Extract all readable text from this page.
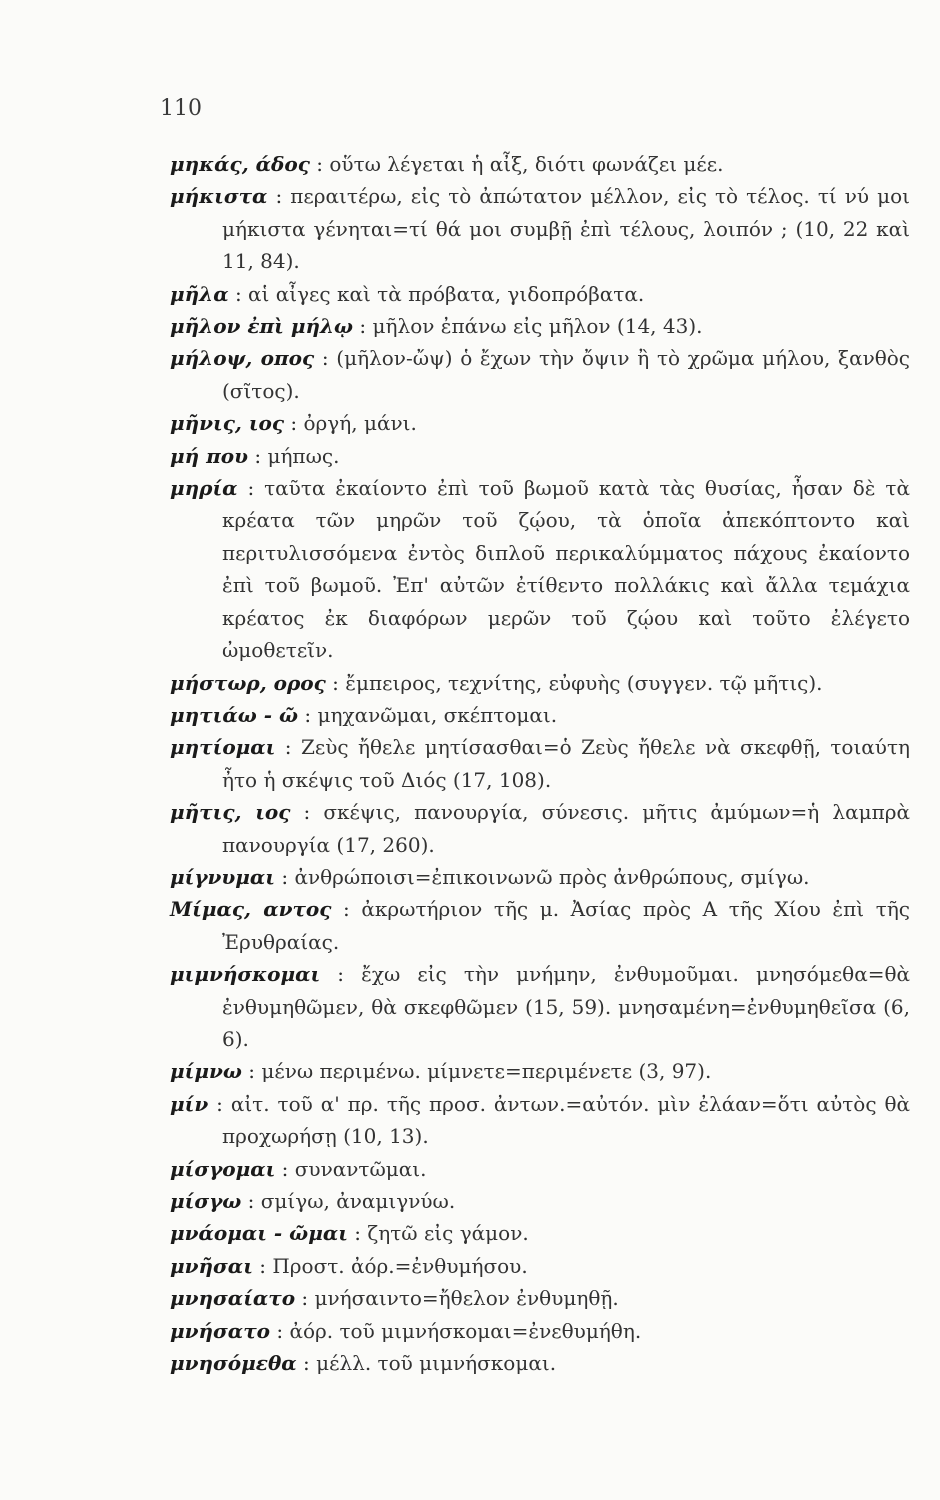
110

μηκάς, άδος : οὕτω λέγεται ἡ αἶξ, διότι φωνάζει μέε.

μήκιστα : περαιτέρω, εἰς τὸ ἀπώτατον μέλλον, εἰς τὸ τέλος. τί νύ μοι μήκιστα γένηται=τί θά μοι συμβῇ ἐπὶ τέλους, λοιπόν ; (10, 22 καὶ 11, 84).

μῆλα : αἱ αἶγες καὶ τὰ πρόβατα, γιδοπρόβατα.

μῆλον ἐπὶ μήλῳ : μῆλον ἐπάνω εἰς μῆλον (14, 43).

μήλοψ, οπος : (μῆλον-ὤψ) ὁ ἔχων τὴν ὄψιν ἢ τὸ χρῶμα μήλου, ξανθὸς (σῖτος).

μῆνις, ιος : ὀργή, μάνι.

μή που : μήπως.

μηρία : ταῦτα ἐκαίοντο ἐπὶ τοῦ βωμοῦ κατὰ τὰς θυσίας, ἦσαν δὲ τὰ κρέατα τῶν μηρῶν τοῦ ζῴου, τὰ ὁποῖα ἀπεκόπτοντο καὶ περιτυλισσόμενα ἐντὸς διπλοῦ περικαλύμματος πάχους ἐκαίοντο ἐπὶ τοῦ βωμοῦ. Ἐπ' αὐτῶν ἐτίθεντο πολλάκις καὶ ἄλλα τεμάχια κρέατος ἐκ διαφόρων μερῶν τοῦ ζῴου καὶ τοῦτο ἐλέγετο ὠμοθετεῖν.

μήστωρ, ορος : ἔμπειρος, τεχνίτης, εὐφυὴς (συγγεν. τῷ μῆτις).

μητιάω - ῶ : μηχανῶμαι, σκέπτομαι.

μητίομαι : Ζεὺς ἤθελε μητίσασθαι=ὁ Ζεὺς ἤθελε νὰ σκεφθῇ, τοιαύτη ἦτο ἡ σκέψις τοῦ Διός (17, 108).

μῆτις, ιος : σκέψις, πανουργία, σύνεσις. μῆτις ἀμύμων=ἡ λαμπρὰ πανουργία (17, 260).

μίγνυμαι : ἀνθρώποισι=ἐπικοινωνῶ πρὸς ἀνθρώπους, σμίγω.

Μίμας, αντος : ἀκρωτήριον τῆς μ. Ἀσίας πρὸς Α τῆς Χίου ἐπὶ τῆς Ἐρυθραίας.

μιμνήσκομαι : ἔχω εἰς τὴν μνήμην, ἐνθυμοῦμαι. μνησόμεθα=θὰ ἐνθυμηθῶμεν, θὰ σκεφθῶμεν (15, 59). μνησαμένη=ἐνθυμηθεῖσα (6, 6).

μίμνω : μένω περιμένω. μίμνετε=περιμένετε (3, 97).

μίν : αἰτ. τοῦ α' πρ. τῆς προσ. ἀντων.=αὐτόν. μὶν ἐλάαν=ὅτι αὐτὸς θὰ προχωρήσῃ (10, 13).

μίσγομαι : συναντῶμαι.

μίσγω : σμίγω, ἀναμιγνύω.

μνάομαι - ῶμαι : ζητῶ εἰς γάμον.

μνῆσαι : Προστ. ἀόρ.=ἐνθυμήσου.

μνησαίατο : μνήσαιντο=ἤθελον ἐνθυμηθῇ.

μνήσατο : ἀόρ. τοῦ μιμνήσκομαι=ἐνεθυμήθη.

μνησόμεθα : μέλλ. τοῦ μιμνήσκομαι.
